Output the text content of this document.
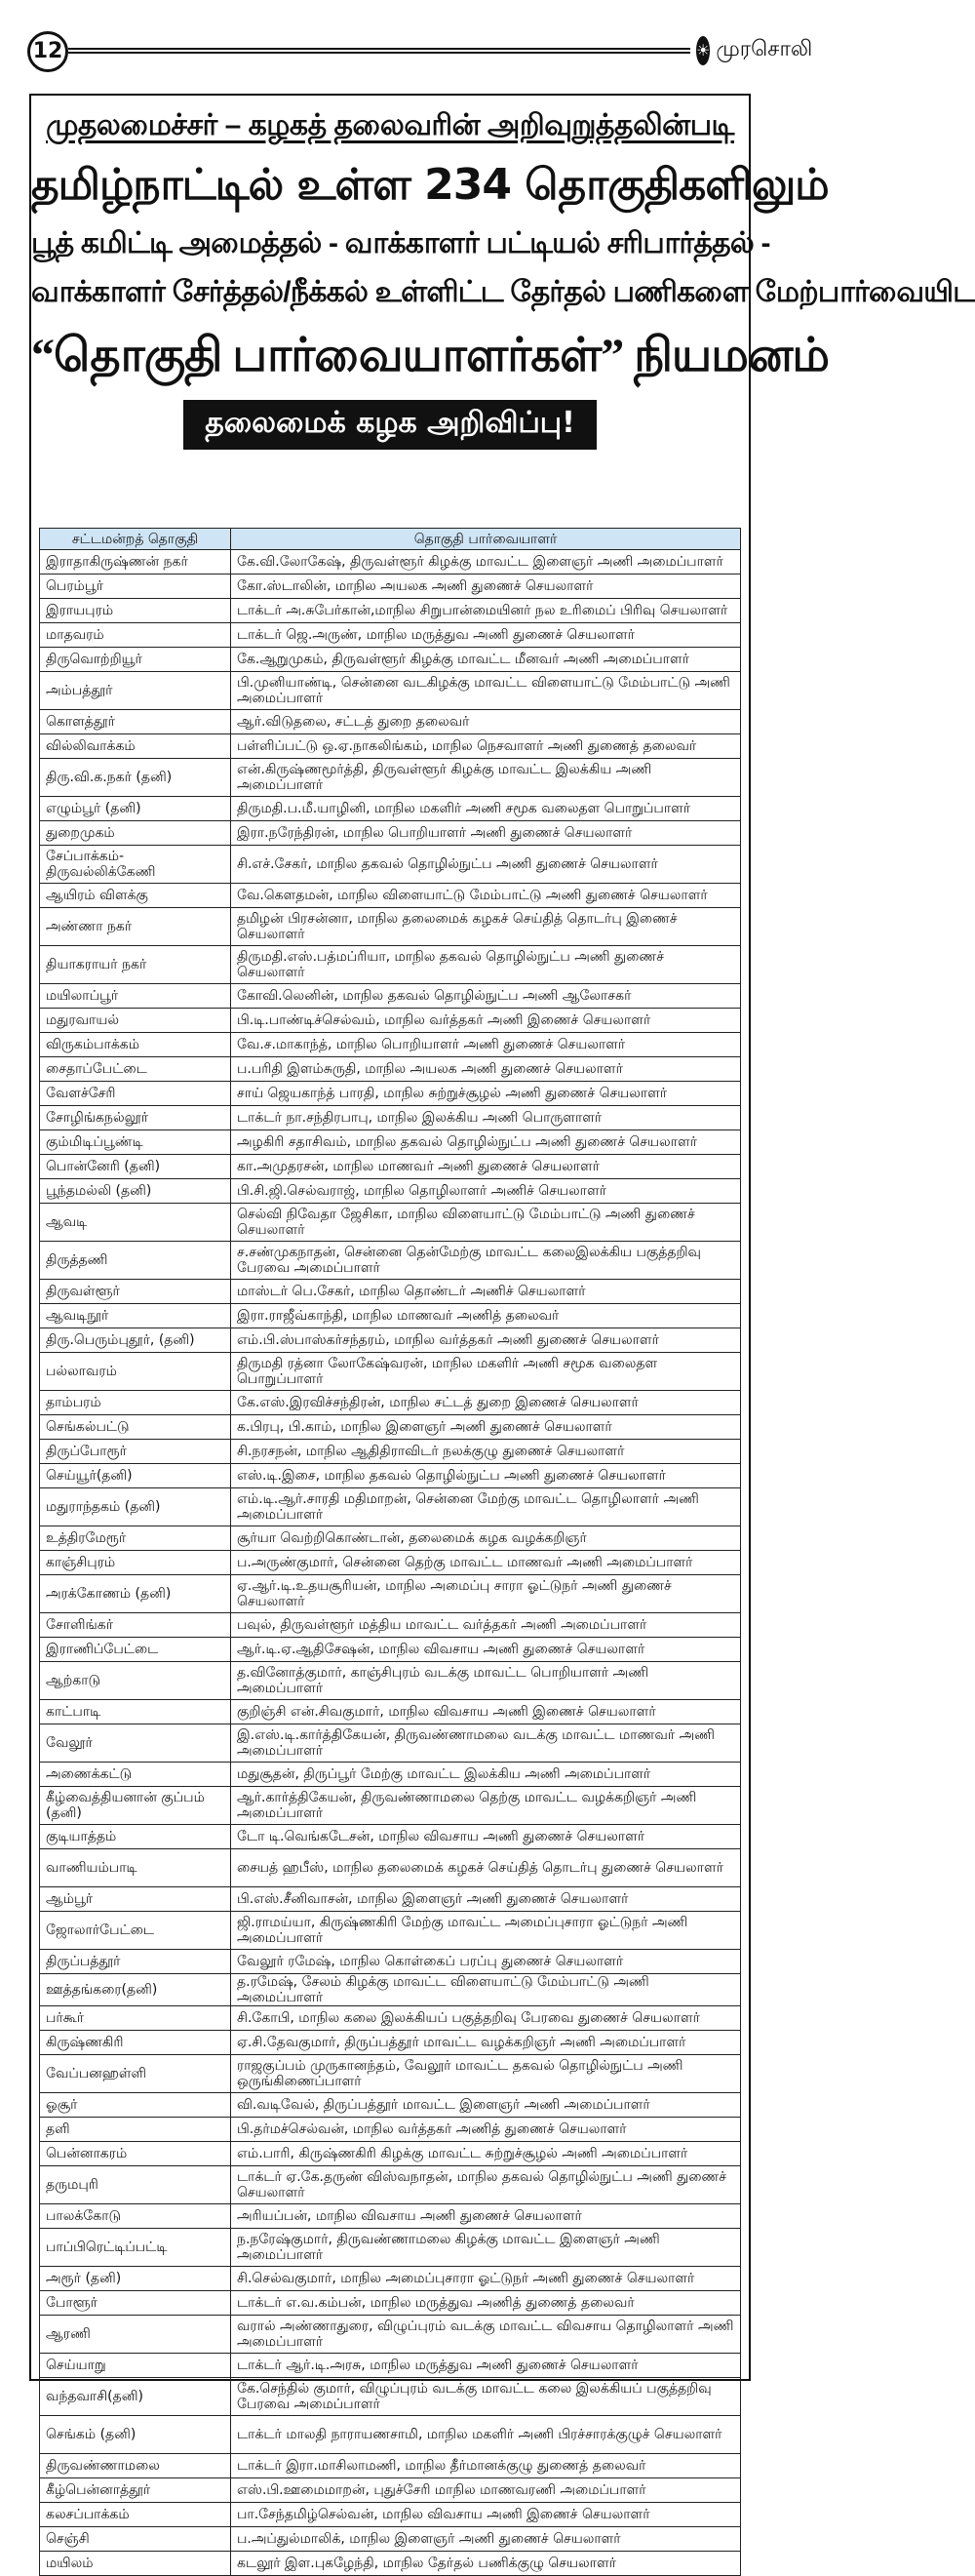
12	☀ முரசொலி
முதலமைச்சர் – கழகத் தலைவரின் அறிவுறுத்தலின்படி
தமிழ்நாட்டில் உள்ள 234 தொகுதிகளிலும்
பூத் கமிட்டி அமைத்தல் - வாக்காளர் பட்டியல் சரிபார்த்தல் -
வாக்காளர் சேர்த்தல்/நீக்கல் உள்ளிட்ட தேர்தல் பணிகளை மேற்பார்வையிட
“தொகுதி பார்வையாளர்கள்” நியமனம்
தலைமைக் கழக அறிவிப்பு!
சட்டமன்றத் தொகுதி	தொகுதி பார்வையாளர்
இராதாகிருஷ்ணன் நகர்	கே.வி.லோகேஷ், திருவள்ளூர் கிழக்கு மாவட்ட இளைஞர் அணி அமைப்பாளர்
பெரம்பூர்	கோ.ஸ்டாலின், மாநில அயலக அணி துணைச் செயலாளர்
இராயபுரம்	டாக்டர் அ.சுபேர்கான்,மாநில சிறுபான்மையினர் நல உரிமைப் பிரிவு செயலாளர்
மாதவரம்	டாக்டர் ஜெ.அருண், மாநில மருத்துவ அணி துணைச் செயலாளர்
திருவொற்றியூர்	கே.ஆறுமுகம், திருவள்ளூர் கிழக்கு மாவட்ட மீனவர் அணி அமைப்பாளர்
அம்பத்தூர்	பி.முனியாண்டி, சென்னை வடகிழக்கு மாவட்ட விளையாட்டு மேம்பாட்டு அணி அமைப்பாளர்
கொளத்தூர்	ஆர்.விடுதலை, சட்டத் துறை தலைவர்
வில்லிவாக்கம்	பள்ளிப்பட்டு ஒ.ஏ.நாகலிங்கம், மாநில நெசவாளர் அணி துணைத் தலைவர்
திரு.வி.க.நகர் (தனி)	என்.கிருஷ்ணமூர்த்தி, திருவள்ளூர் கிழக்கு மாவட்ட இலக்கிய அணி அமைப்பாளர்
எழும்பூர் (தனி)	திருமதி.ப.மீ.யாழினி, மாநில மகளிர் அணி சமூக வலைதள பொறுப்பாளர்
துறைமுகம்	இரா.நரேந்திரன், மாநில பொறியாளர் அணி துணைச் செயலாளர்
சேப்பாக்கம்-திருவல்லிக்கேணி	சி.எச்.சேகர், மாநில தகவல் தொழில்நுட்ப அணி துணைச் செயலாளர்
ஆயிரம் விளக்கு	வே.கௌதமன், மாநில விளையாட்டு மேம்பாட்டு அணி துணைச் செயலாளர்
அண்ணா நகர்	தமிழன் பிரசன்னா, மாநில தலைமைக் கழகச் செய்தித் தொடர்பு இணைச் செயலாளர்
தியாகராயர் நகர்	திருமதி.எஸ்.பத்மப்ரியா, மாநில தகவல் தொழில்நுட்ப அணி துணைச் செயலாளர்
மயிலாப்பூர்	கோவி.லெனின், மாநில தகவல் தொழில்நுட்ப அணி ஆலோசகர்
மதுரவாயல்	பி.டி.பாண்டிச்செல்வம், மாநில வர்த்தகர் அணி இணைச் செயலாளர்
விருகம்பாக்கம்	வே.ச.மாகாந்த், மாநில பொறியாளர் அணி துணைச் செயலாளர்
சைதாப்பேட்டை	ப.பரிதி இளம்சுருதி, மாநில அயலக அணி துணைச் செயலாளர்
வேளச்சேரி	சாய் ஜெயகாந்த் பாரதி, மாநில சுற்றுச்சூழல் அணி துணைச் செயலாளர்
சோழிங்கநல்லூர்	டாக்டர் நா.சந்திரபாபு, மாநில இலக்கிய அணி பொருளாளர்
கும்மிடிப்பூண்டி	அழகிரி சதாசிவம், மாநில தகவல் தொழில்நுட்ப அணி துணைச் செயலாளர்
பொன்னேரி (தனி)	கா.அமுதரசன், மாநில மாணவர் அணி துணைச் செயலாளர்
பூந்தமல்லி (தனி)	பி.சி.ஜி.செல்வராஜ், மாநில தொழிலாளர் அணிச் செயலாளர்
ஆவடி	செல்வி நிவேதா ஜேசிகா, மாநில விளையாட்டு மேம்பாட்டு அணி துணைச் செயலாளர்
திருத்தணி	ச.சண்முகநாதன், சென்னை தென்மேற்கு மாவட்ட கலைஇலக்கிய பகுத்தறிவு பேரவை அமைப்பாளர்
திருவள்ளூர்	மாஸ்டர் பெ.சேகர், மாநில தொண்டர் அணிச் செயலாளர்
ஆவடிநூர்	இரா.ராஜீவ்காந்தி, மாநில மாணவர் அணித் தலைவர்
திரு.பெரும்புதூர், (தனி)	எம்.பி.ஸ்பாஸ்கர்சந்தரம், மாநில வர்த்தகர் அணி துணைச் செயலாளர்
பல்லாவரம்	திருமதி ரத்னா லோகேஷ்வரன், மாநில மகளிர் அணி சமூக வலைதள பொறுப்பாளர்
தாம்பரம்	கே.எஸ்.இரவிச்சந்திரன், மாநில சட்டத் துறை இணைச் செயலாளர்
செங்கல்பட்டு	க.பிரபு, பி.காம், மாநில இளைஞர் அணி துணைச் செயலாளர்
திருப்போரூர்	சி.நரசநன், மாநில ஆதிதிராவிடர் நலக்குழு துணைச் செயலாளர்
செய்யூர்(தனி)	எஸ்.டி.இசை, மாநில தகவல் தொழில்நுட்ப அணி துணைச் செயலாளர்
மதுராந்தகம் (தனி)	எம்.டி.ஆர்.சாரதி மதிமாறன், சென்னை மேற்கு மாவட்ட தொழிலாளர் அணி அமைப்பாளர்
உத்திரமேரூர்	சூர்யா வெற்றிகொண்டான், தலைமைக் கழக வழக்கறிஞர்
காஞ்சிபுரம்	ப.அருண்குமார், சென்னை தெற்கு மாவட்ட மாணவர் அணி அமைப்பாளர்
அரக்கோணம் (தனி)	ஏ.ஆர்.டி.உதயசூரியன், மாநில அமைப்பு சாரா ஓட்டுநர் அணி துணைச் செயலாளர்
சோளிங்கர்	பவுல், திருவள்ளூர் மத்திய மாவட்ட வர்த்தகர் அணி அமைப்பாளர்
இராணிப்பேட்டை	ஆர்.டி.ஏ.ஆதிசேஷன், மாநில விவசாய அணி துணைச் செயலாளர்
ஆற்காடு	த.வினோத்குமார், காஞ்சிபுரம் வடக்கு மாவட்ட பொறியாளர் அணி அமைப்பாளர்
காட்பாடி	குறிஞ்சி என்.சிவகுமார், மாநில விவசாய அணி இணைச் செயலாளர்
வேலூர்	இ.எஸ்.டி.கார்த்திகேயன், திருவண்ணாமலை வடக்கு மாவட்ட மாணவர் அணி அமைப்பாளர்
அணைக்கட்டு	மதுசூதன், திருப்பூர் மேற்கு மாவட்ட இலக்கிய அணி அமைப்பாளர்
கீழ்வைத்தியனான் குப்பம் (தனி)	ஆர்.கார்த்திகேயன், திருவண்ணாமலை தெற்கு மாவட்ட வழக்கறிஞர் அணி அமைப்பாளர்
குடியாத்தம்	டோ டி.வெங்கடேசன், மாநில விவசாய அணி துணைச் செயலாளர்
வாணியம்பாடி	சையத் ஹபீஸ், மாநில தலைமைக் கழகச் செய்தித் தொடர்பு துணைச் செயலாளர்
ஆம்பூர்	பி.எஸ்.சீனிவாசன், மாநில இளைஞர் அணி துணைச் செயலாளர்
ஜோலார்பேட்டை	ஜி.ராமய்யா, கிருஷ்ணகிரி மேற்கு மாவட்ட அமைப்புசாரா ஓட்டுநர் அணி அமைப்பாளர்
திருப்பத்தூர்	வேலூர் ரமேஷ், மாநில கொள்கைப் பரப்பு துணைச் செயலாளர்
ஊத்தங்கரை(தனி)	த.ரமேஷ், சேலம் கிழக்கு மாவட்ட விளையாட்டு மேம்பாட்டு அணி அமைப்பாளர்
பர்கூர்	சி.கோபி, மாநில கலை இலக்கியப் பகுத்தறிவு பேரவை துணைச் செயலாளர்
கிருஷ்ணகிரி	ஏ.சி.தேவகுமார், திருப்பத்தூர் மாவட்ட வழக்கறிஞர் அணி அமைப்பாளர்
வேப்பனஹள்ளி	ராஜகுப்பம் முருகானந்தம், வேலூர் மாவட்ட தகவல் தொழில்நுட்ப அணி ஒருங்கிணைப்பாளர்
ஓசூர்	வி.வடிவேல், திருப்பத்தூர் மாவட்ட இளைஞர் அணி அமைப்பாளர்
தளி	பி.தர்மச்செல்வன், மாநில வர்த்தகர் அணித் துணைச் செயலாளர்
பென்னாகரம்	எம்.பாரி, கிருஷ்ணகிரி கிழக்கு மாவட்ட சுற்றுச்சூழல் அணி அமைப்பாளர்
தருமபுரி	டாக்டர் ஏ.கே.தருண் விஸ்வநாதன், மாநில தகவல் தொழில்நுட்ப அணி துணைச் செயலாளர்
பாலக்கோடு	அரியப்பன், மாநில விவசாய அணி துணைச் செயலாளர்
பாப்பிரெட்டிப்பட்டி	ந.நரேஷ்குமார், திருவண்ணாமலை கிழக்கு மாவட்ட இளைஞர் அணி அமைப்பாளர்
அரூர் (தனி)	சி.செல்வகுமார், மாநில அமைப்புசாரா ஓட்டுநர் அணி துணைச் செயலாளர்
போளூர்	டாக்டர் எ.வ.கம்பன், மாநில மருத்துவ அணித் துணைத் தலைவர்
ஆரணி	வரால் அண்ணாதுரை, விழுப்புரம் வடக்கு மாவட்ட விவசாய தொழிலாளர் அணி அமைப்பாளர்
செய்யாறு	டாக்டர் ஆர்.டி.அரசு, மாநில மருத்துவ அணி துணைச் செயலாளர்
வந்தவாசி(தனி)	கே.செந்தில் குமார், விழுப்புரம் வடக்கு மாவட்ட கலை இலக்கியப் பகுத்தறிவு பேரவை அமைப்பாளர்
செங்கம் (தனி)	டாக்டர் மாலதி நாராயணசாமி, மாநில மகளிர் அணி பிரச்சாரக்குழுச் செயலாளர்
திருவண்ணாமலை	டாக்டர் இரா.மாசிலாமணி, மாநில தீர்மானக்குழு துணைத் தலைவர்
கீழ்பென்னாத்தூர்	எஸ்.பி.ஊமைமாறன், புதுச்சேரி மாநில மாணவரணி அமைப்பாளர்
கலசப்பாக்கம்	பா.சேந்தமிழ்செல்வன், மாநில விவசாய அணி இணைச் செயலாளர்
செஞ்சி	ப.அப்துல்மாலிக், மாநில இளைஞர் அணி துணைச் செயலாளர்
மயிலம்	கடலூர் இள.புகழேந்தி, மாநில தேர்தல் பணிக்குழு செயலாளர்
